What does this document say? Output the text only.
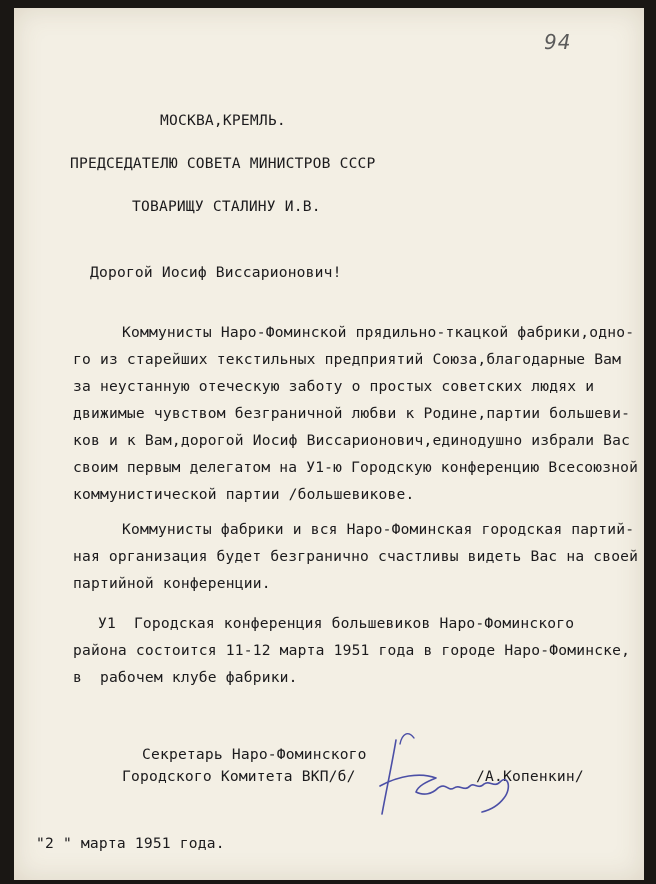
94
МОСКВА,КРЕМЛЬ.
ПРЕДСЕДАТЕЛЮ СОВЕТА МИНИСТРОВ СССР
ТОВАРИЩУ СТАЛИНУ И.В.
Дорогой Иосиф Виссарионович!
Коммунисты Наро-Фоминской прядильно-ткацкой фабрики,одно-
го из старейших текстильных предприятий Союза,благодарные Вам
за неустанную отеческую заботу о простых советских людях и
движимые чувством безграничной любви к Родине,партии большеви-
ков и к Вам,дорогой Иосиф Виссарионович,единодушно избрали Вас
своим первым делегатом на У1-ю Городскую конференцию Всесоюзной
коммунистической партии /большевикове.
Коммунисты фабрики и вся Наро-Фоминская городская партий-
ная организация будет безгранично счастливы видеть Вас на своей
партийной конференции.
У1  Городская конференция большевиков Наро-Фоминского
района состоится 11-12 марта 1951 года в городе Наро-Фоминске,
в  рабочем клубе фабрики.
Секретарь Наро-Фоминского
Городского Комитета ВКП/б/	/А.Копенкин/
"2 " марта 1951 года.
